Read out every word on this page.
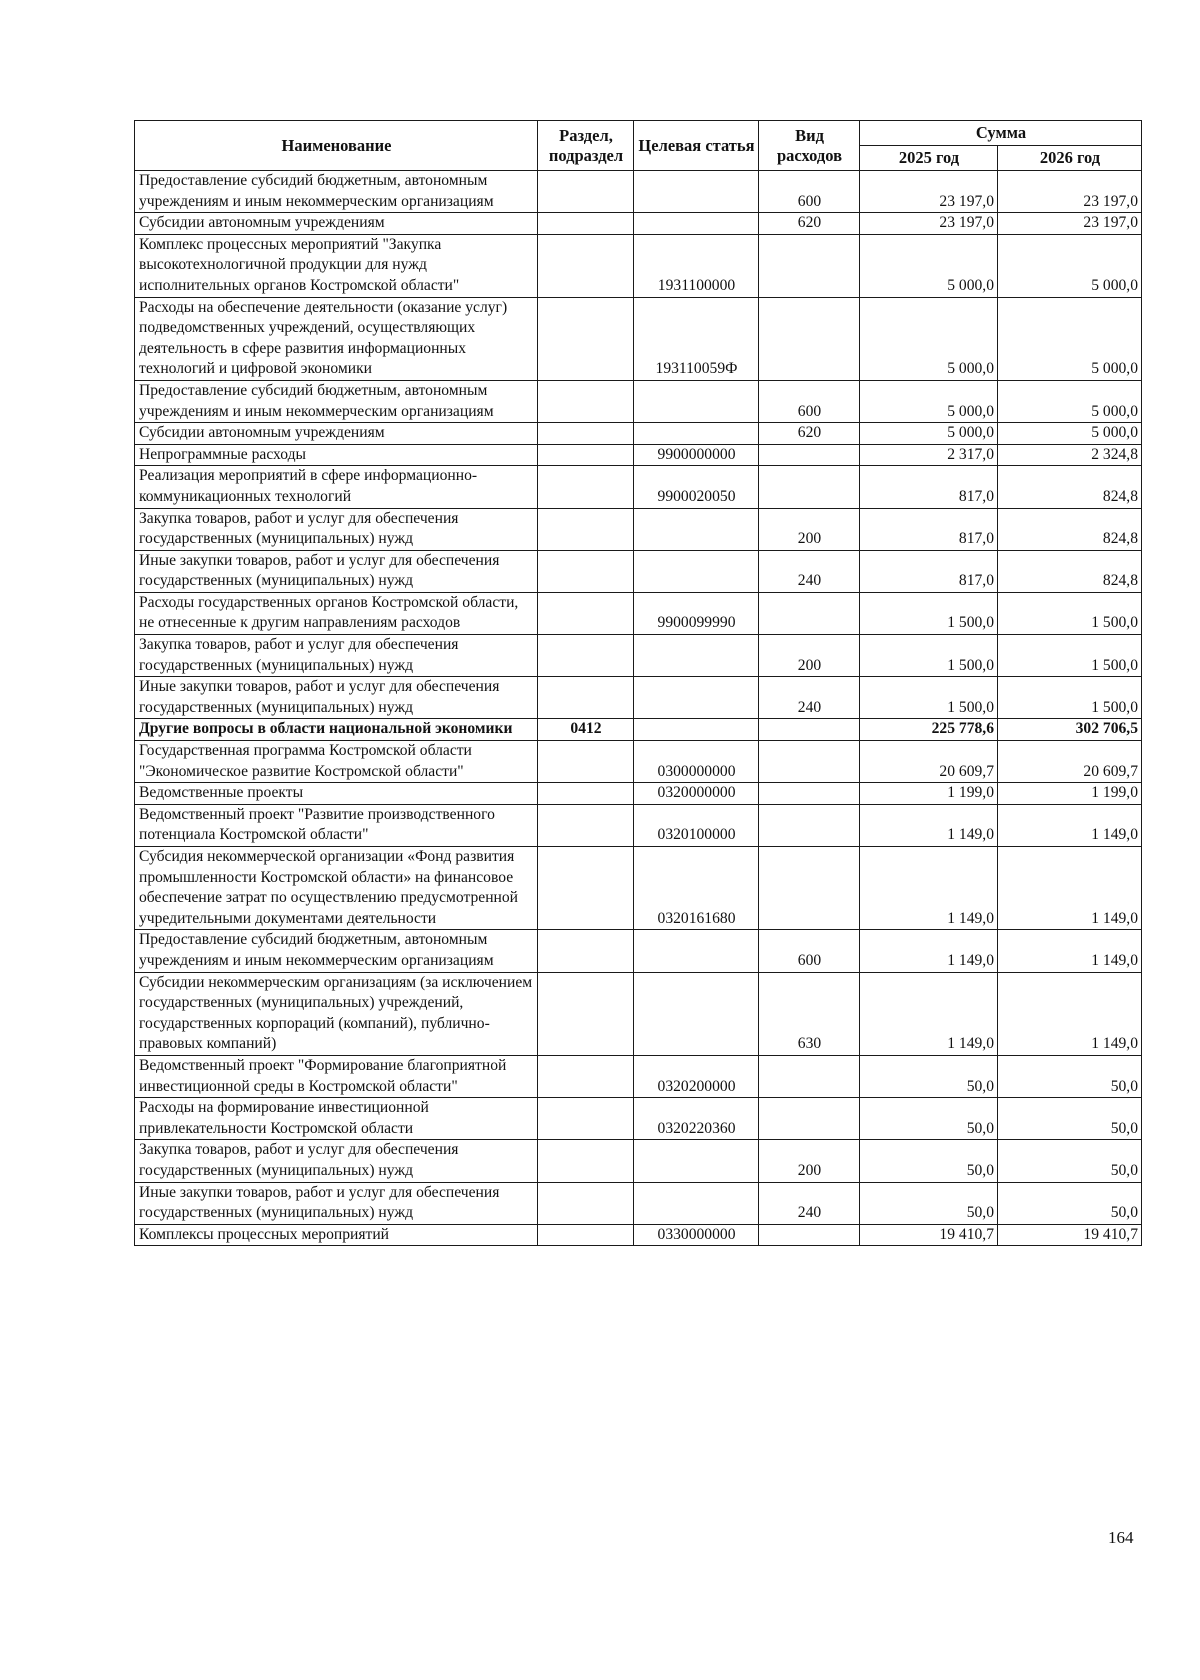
Наименование	Раздел, подраздел	Целевая статья	Вид расходов	Сумма	
				2025 год	2026 год
Предоставление субсидий бюджетным, автономным учреждениям и иным некоммерческим организациям			600	23 197,0	23 197,0
Субсидии автономным учреждениям			620	23 197,0	23 197,0
Комплекс процессных мероприятий "Закупка высокотехнологичной продукции для нужд исполнительных органов Костромской области"		1931100000		5 000,0	5 000,0
Расходы на обеспечение деятельности (оказание услуг) подведомственных учреждений, осуществляющих деятельность в сфере развития информационных технологий и цифровой экономики		193110059Ф		5 000,0	5 000,0
Предоставление субсидий бюджетным, автономным учреждениям и иным некоммерческим организациям			600	5 000,0	5 000,0
Субсидии автономным учреждениям			620	5 000,0	5 000,0
Непрограммные расходы		9900000000		2 317,0	2 324,8
Реализация мероприятий в сфере информационно-коммуникационных технологий		9900020050		817,0	824,8
Закупка товаров, работ и услуг для обеспечения государственных (муниципальных) нужд			200	817,0	824,8
Иные закупки товаров, работ и услуг для обеспечения государственных (муниципальных) нужд			240	817,0	824,8
Расходы государственных органов Костромской области, не отнесенные к другим направлениям расходов		9900099990		1 500,0	1 500,0
Закупка товаров, работ и услуг для обеспечения государственных (муниципальных) нужд			200	1 500,0	1 500,0
Иные закупки товаров, работ и услуг для обеспечения государственных (муниципальных) нужд			240	1 500,0	1 500,0
Другие вопросы в области национальной экономики	0412			225 778,6	302 706,5
Государственная программа Костромской области "Экономическое развитие Костромской области"		0300000000		20 609,7	20 609,7
Ведомственные проекты		0320000000		1 199,0	1 199,0
Ведомственный проект "Развитие производственного потенциала Костромской области"		0320100000		1 149,0	1 149,0
Субсидия некоммерческой организации «Фонд развития промышленности Костромской области» на финансовое обеспечение затрат по осуществлению предусмотренной учредительными документами деятельности		0320161680		1 149,0	1 149,0
Предоставление субсидий бюджетным, автономным учреждениям и иным некоммерческим организациям			600	1 149,0	1 149,0
Субсидии некоммерческим организациям (за исключением государственных (муниципальных) учреждений, государственных корпораций (компаний), публично-правовых компаний)			630	1 149,0	1 149,0
Ведомственный проект "Формирование благоприятной инвестиционной среды в Костромской области"		0320200000		50,0	50,0
Расходы на формирование инвестиционной привлекательности Костромской области		0320220360		50,0	50,0
Закупка товаров, работ и услуг для обеспечения государственных (муниципальных) нужд			200	50,0	50,0
Иные закупки товаров, работ и услуг для обеспечения государственных (муниципальных) нужд			240	50,0	50,0
Комплексы процессных мероприятий		0330000000		19 410,7	19 410,7
164
